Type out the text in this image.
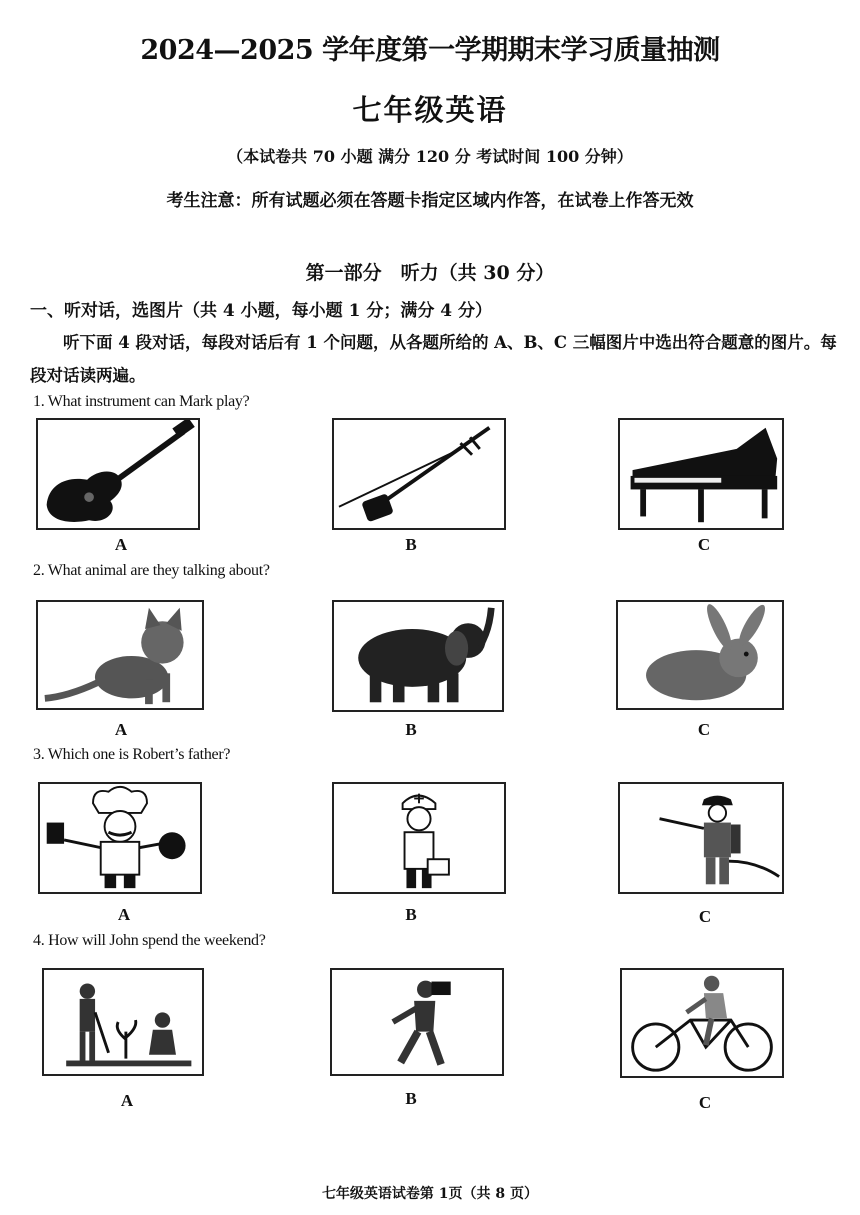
2024—2025 学年度第一学期期末学习质量抽测
七年级英语
（本试卷共 70 小题 满分 120 分 考试时间 100 分钟）
考生注意：所有试题必须在答题卡指定区域内作答，在试卷上作答无效
第一部分　听力（共 30 分）
一、听对话，选图片（共 4 小题，每小题 1 分；满分 4 分）
听下面 4 段对话，每段对话后有 1 个问题，从各题所给的 A、B、C 三幅图片中选出符合题意的图片。每段对话读两遍。
1. What instrument can Mark play?
A	B	C
2. What animal are they talking about?
A	B	C
3. Which one is Robert’s father?
A	B	C
4. How will John spend the weekend?
A	B	C
七年级英语试卷第 1页（共 8 页）
